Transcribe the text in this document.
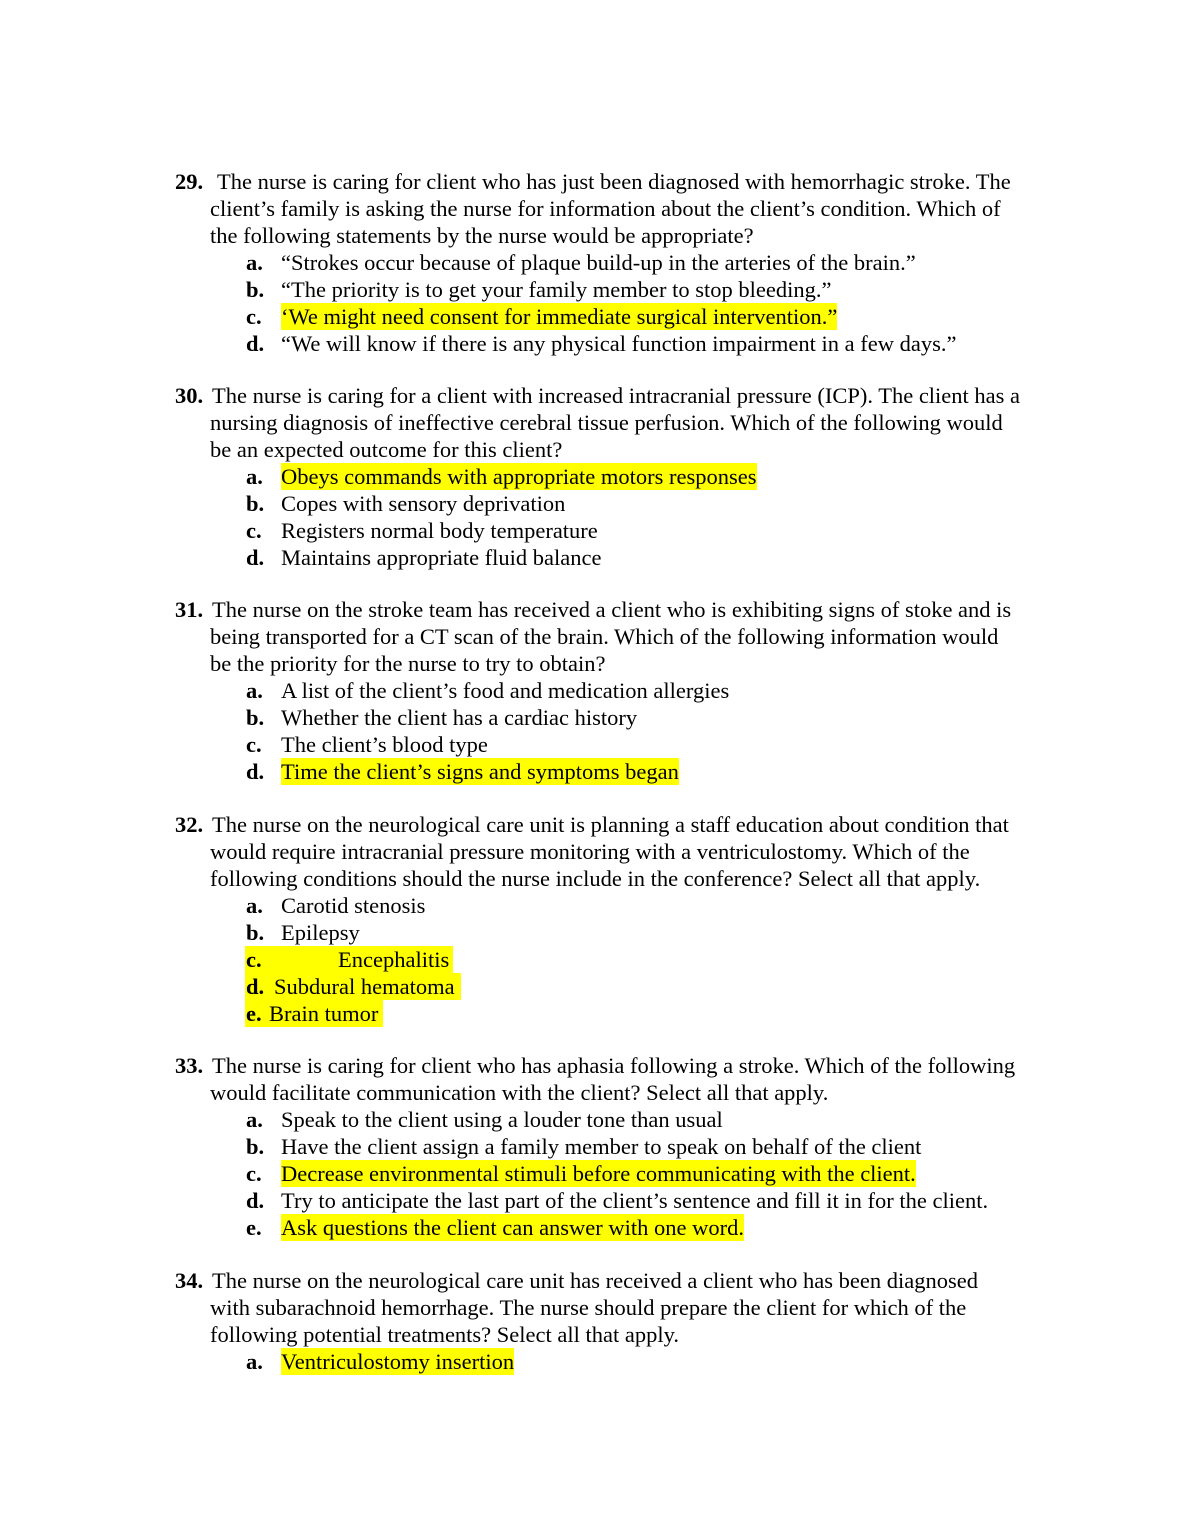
29. The nurse is caring for client who has just been diagnosed with hemorrhagic stroke. The
client’s family is asking the nurse for information about the client’s condition. Which of
the following statements by the nurse would be appropriate?
a. “Strokes occur because of plaque build-up in the arteries of the brain.”
b. “The priority is to get your family member to stop bleeding.”
c. ‘We might need consent for immediate surgical intervention.”
d. “We will know if there is any physical function impairment in a few days.”
30. The nurse is caring for a client with increased intracranial pressure (ICP). The client has a
nursing diagnosis of ineffective cerebral tissue perfusion. Which of the following would
be an expected outcome for this client?
a. Obeys commands with appropriate motors responses
b. Copes with sensory deprivation
c. Registers normal body temperature
d. Maintains appropriate fluid balance
31. The nurse on the stroke team has received a client who is exhibiting signs of stoke and is
being transported for a CT scan of the brain. Which of the following information would
be the priority for the nurse to try to obtain?
a. A list of the client’s food and medication allergies
b. Whether the client has a cardiac history
c. The client’s blood type
d. Time the client’s signs and symptoms began
32. The nurse on the neurological care unit is planning a staff education about condition that
would require intracranial pressure monitoring with a ventriculostomy. Which of the
following conditions should the nurse include in the conference? Select all that apply.
a. Carotid stenosis
b. Epilepsy
c.	Encephalitis
d. Subdural hematoma
e. Brain tumor
33. The nurse is caring for client who has aphasia following a stroke. Which of the following
would facilitate communication with the client? Select all that apply.
a. Speak to the client using a louder tone than usual
b. Have the client assign a family member to speak on behalf of the client
c. Decrease environmental stimuli before communicating with the client.
d. Try to anticipate the last part of the client’s sentence and fill it in for the client.
e. Ask questions the client can answer with one word.
34. The nurse on the neurological care unit has received a client who has been diagnosed
with subarachnoid hemorrhage. The nurse should prepare the client for which of the
following potential treatments? Select all that apply.
a. Ventriculostomy insertion
